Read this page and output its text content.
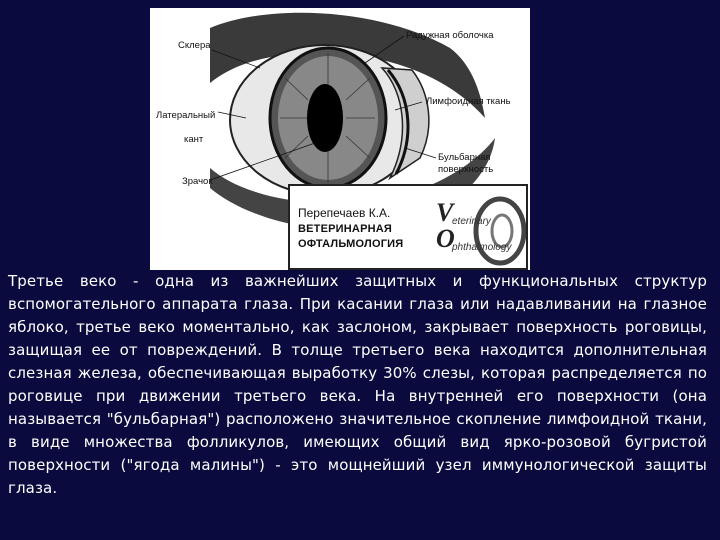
Склера
Радужная оболочка
Лимфоидная ткань
Латеральный
кант
Бульбарная
поверхность
Зрачок
Перепечаев К.А.
ВЕТЕРИНАРНАЯ
ОФТАЛЬМОЛОГИЯ
V
eterinary
O
phthalmology

Третье веко - одна из важнейших защитных и функциональных структур вспомогательного аппарата глаза. При касании глаза или надавливании на глазное яблоко, третье веко моментально, как заслоном, закрывает поверхность роговицы, защищая ее от повреждений. В толще третьего века находится дополнительная слезная железа, обеспечивающая выработку 30% слезы, которая распределяется по роговице при движении третьего века. На внутренней его поверхности (она называется "бульбарная") расположено значительное скопление лимфоидной ткани, в виде множества фолликулов, имеющих общий вид ярко-розовой бугристой поверхности ("ягода малины") - это мощнейший узел иммунологической защиты глаза.
